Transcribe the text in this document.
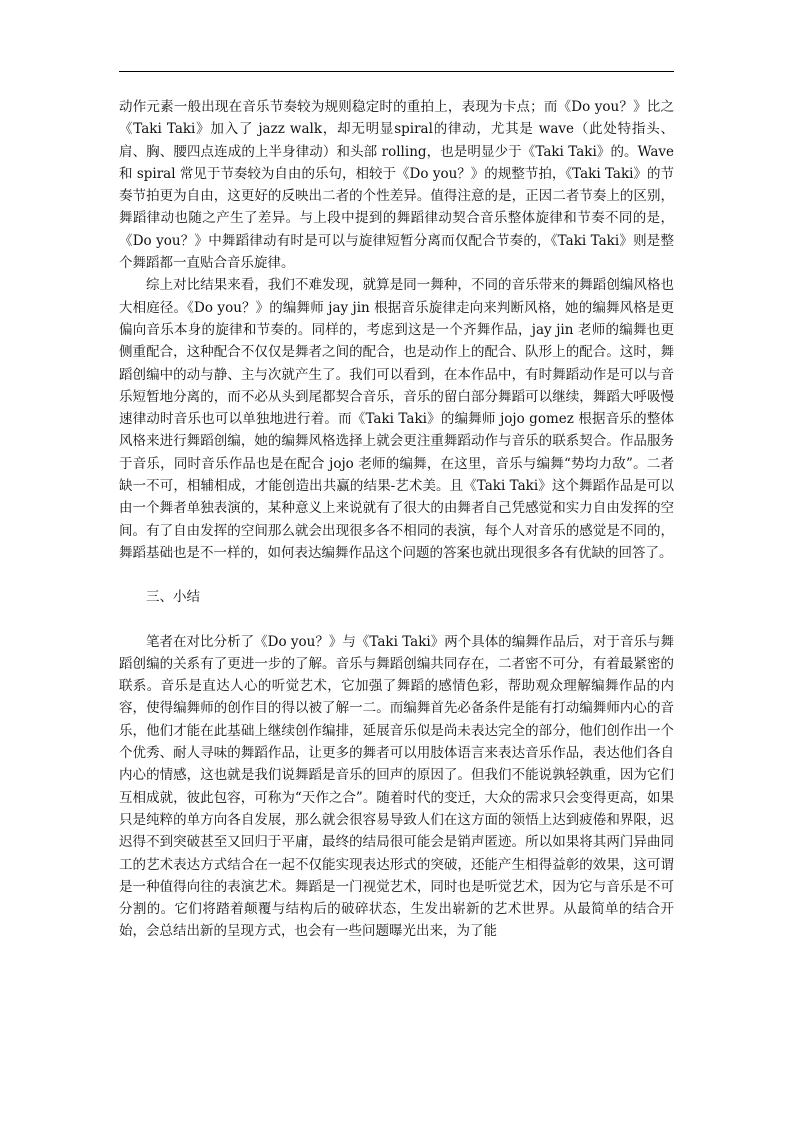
动作元素一般出现在音乐节奏较为规则稳定时的重拍上，表现为卡点；而《Do you？》比之《Taki Taki》加入了 jazz walk，却无明显spiral的律动，尤其是 wave（此处特指头、肩、胸、腰四点连成的上半身律动）和头部 rolling，也是明显少于《Taki Taki》的。Wave 和 spiral 常见于节奏较为自由的乐句，相较于《Do you？》的规整节拍，《Taki Taki》的节奏节拍更为自由，这更好的反映出二者的个性差异。值得注意的是，正因二者节奏上的区别，舞蹈律动也随之产生了差异。与上段中提到的舞蹈律动契合音乐整体旋律和节奏不同的是，《Do you？》中舞蹈律动有时是可以与旋律短暂分离而仅配合节奏的，《Taki Taki》则是整个舞蹈都一直贴合音乐旋律。

综上对比结果来看，我们不难发现，就算是同一舞种，不同的音乐带来的舞蹈创编风格也大相庭径。《Do you？》的编舞师 jay jin 根据音乐旋律走向来判断风格，她的编舞风格是更偏向音乐本身的旋律和节奏的。同样的，考虑到这是一个齐舞作品，jay jin 老师的编舞也更侧重配合，这种配合不仅仅是舞者之间的配合，也是动作上的配合、队形上的配合。这时，舞蹈创编中的动与静、主与次就产生了。我们可以看到，在本作品中，有时舞蹈动作是可以与音乐短暂地分离的，而不必从头到尾都契合音乐，音乐的留白部分舞蹈可以继续，舞蹈大呼吸慢速律动时音乐也可以单独地进行着。而《Taki Taki》的编舞师 jojo gomez 根据音乐的整体风格来进行舞蹈创编，她的编舞风格选择上就会更注重舞蹈动作与音乐的联系契合。作品服务于音乐，同时音乐作品也是在配合 jojo 老师的编舞，在这里，音乐与编舞“势均力敌”。二者缺一不可，相辅相成，才能创造出共赢的结果-艺术美。且《Taki Taki》这个舞蹈作品是可以由一个舞者单独表演的，某种意义上来说就有了很大的由舞者自己凭感觉和实力自由发挥的空间。有了自由发挥的空间那么就会出现很多各不相同的表演，每个人对音乐的感觉是不同的，舞蹈基础也是不一样的，如何表达编舞作品这个问题的答案也就出现很多各有优缺的回答了。

三、小结

笔者在对比分析了《Do you？》与《Taki Taki》两个具体的编舞作品后，对于音乐与舞蹈创编的关系有了更进一步的了解。音乐与舞蹈创编共同存在，二者密不可分，有着最紧密的联系。音乐是直达人心的听觉艺术，它加强了舞蹈的感情色彩，帮助观众理解编舞作品的内容，使得编舞师的创作目的得以被了解一二。而编舞首先必备条件是能有打动编舞师内心的音乐，他们才能在此基础上继续创作编排，延展音乐似是尚未表达完全的部分，他们创作出一个个优秀、耐人寻味的舞蹈作品，让更多的舞者可以用肢体语言来表达音乐作品，表达他们各自内心的情感，这也就是我们说舞蹈是音乐的回声的原因了。但我们不能说孰轻孰重，因为它们互相成就，彼此包容，可称为“天作之合”。随着时代的变迁，大众的需求只会变得更高，如果只是纯粹的单方向各自发展，那么就会很容易导致人们在这方面的领悟上达到疲倦和界限，迟迟得不到突破甚至又回归于平庸，最终的结局很可能会是销声匿迹。所以如果将其两门异曲同工的艺术表达方式结合在一起不仅能实现表达形式的突破，还能产生相得益彰的效果，这可谓是一种值得向往的表演艺术。舞蹈是一门视觉艺术，同时也是听觉艺术，因为它与音乐是不可分割的。它们将踏着颠覆与结构后的破碎状态，生发出崭新的艺术世界。从最简单的结合开始，会总结出新的呈现方式，也会有一些问题曝光出来，为了能
